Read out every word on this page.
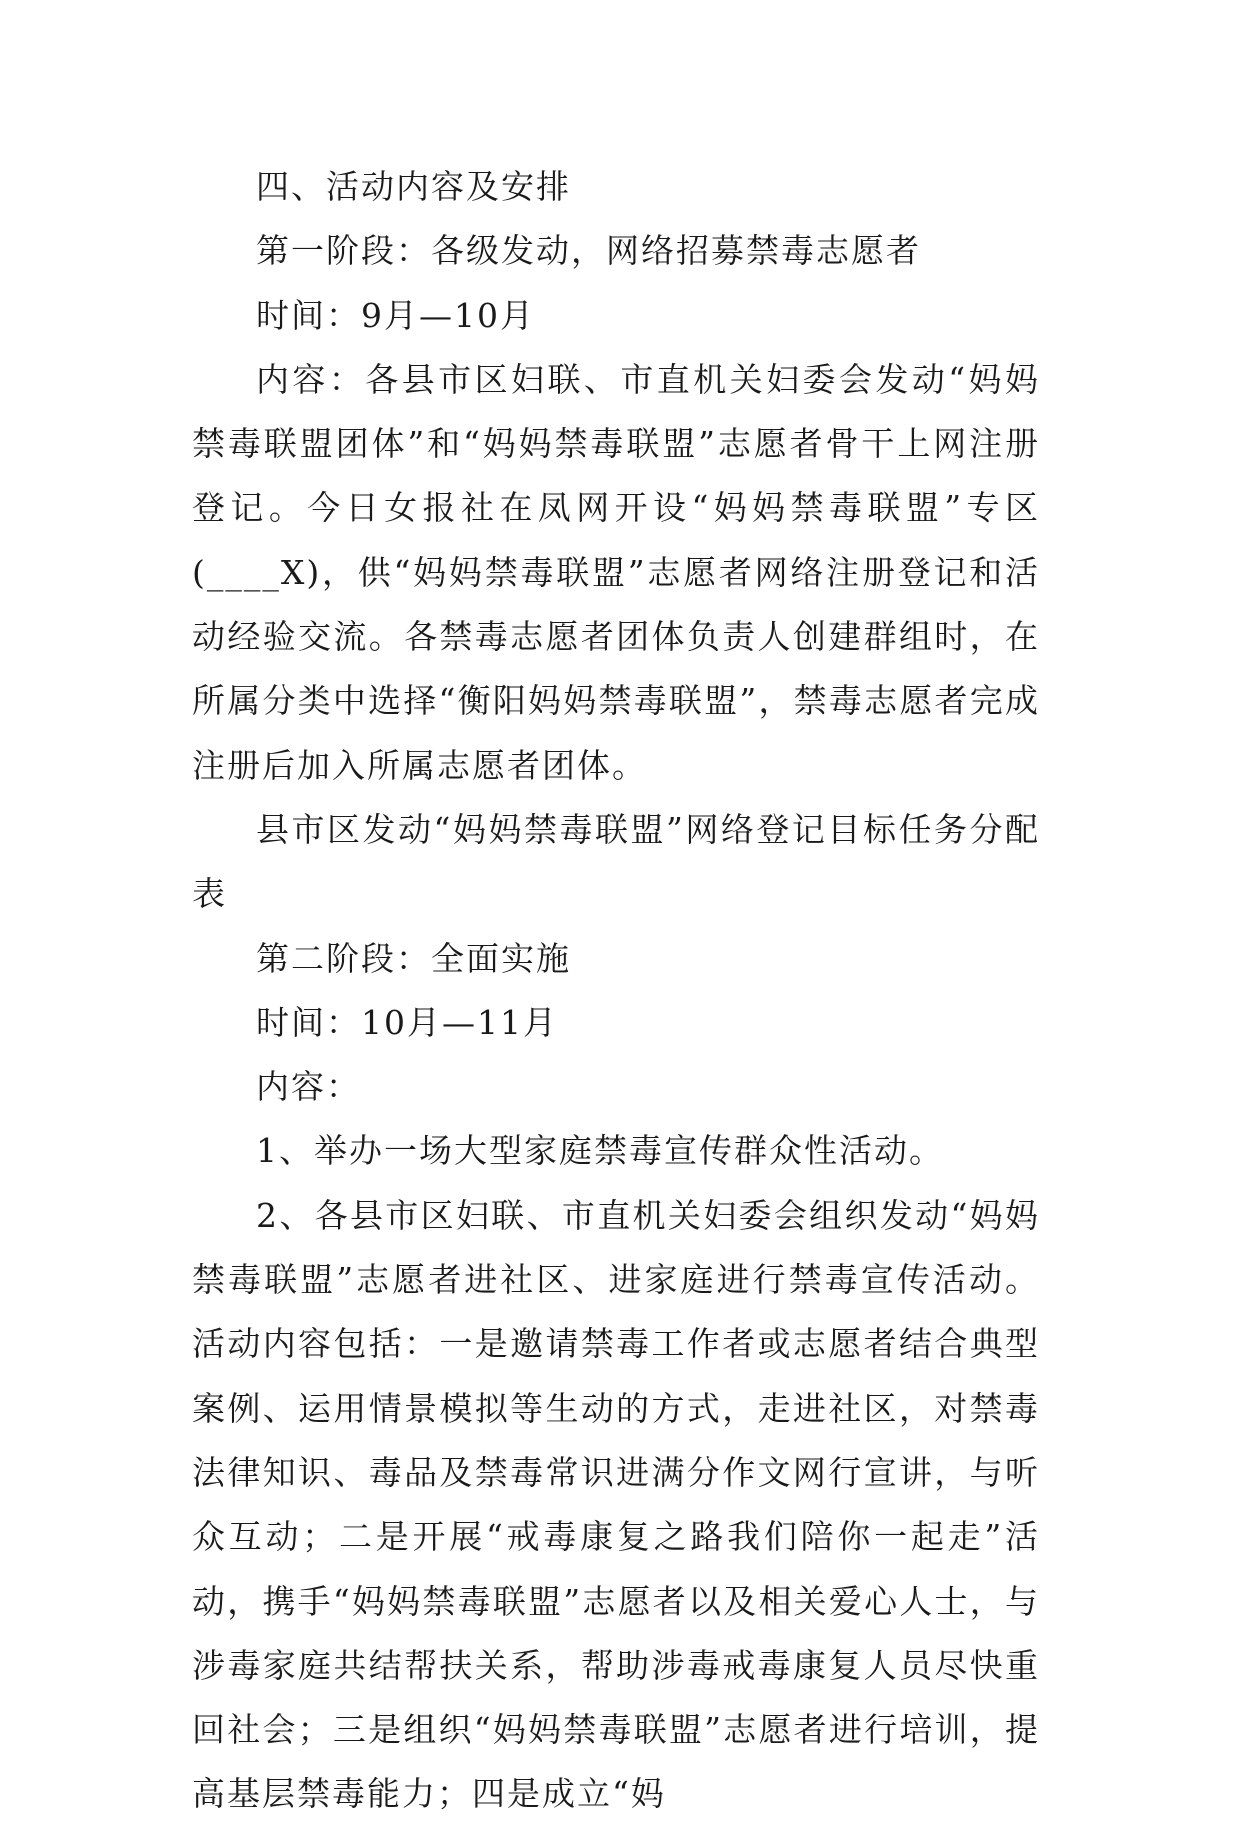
四、活动内容及安排

第一阶段：各级发动，网络招募禁毒志愿者

时间：9月—10月

内容：各县市区妇联、市直机关妇委会发动“妈妈禁毒联盟团体”和“妈妈禁毒联盟”志愿者骨干上网注册登记。今日女报社在凤网开设“妈妈禁毒联盟”专区(____X)，供“妈妈禁毒联盟”志愿者网络注册登记和活动经验交流。各禁毒志愿者团体负责人创建群组时，在所属分类中选择“衡阳妈妈禁毒联盟”，禁毒志愿者完成注册后加入所属志愿者团体。

县市区发动“妈妈禁毒联盟”网络登记目标任务分配表

第二阶段：全面实施

时间：10月—11月

内容：

1、举办一场大型家庭禁毒宣传群众性活动。

2、各县市区妇联、市直机关妇委会组织发动“妈妈禁毒联盟”志愿者进社区、进家庭进行禁毒宣传活动。活动内容包括：一是邀请禁毒工作者或志愿者结合典型案例、运用情景模拟等生动的方式，走进社区，对禁毒法律知识、毒品及禁毒常识进满分作文网行宣讲，与听众互动；二是开展“戒毒康复之路我们陪你一起走”活动，携手“妈妈禁毒联盟”志愿者以及相关爱心人士，与涉毒家庭共结帮扶关系，帮助涉毒戒毒康复人员尽快重回社会；三是组织“妈妈禁毒联盟”志愿者进行培训，提高基层禁毒能力；四是成立“妈
